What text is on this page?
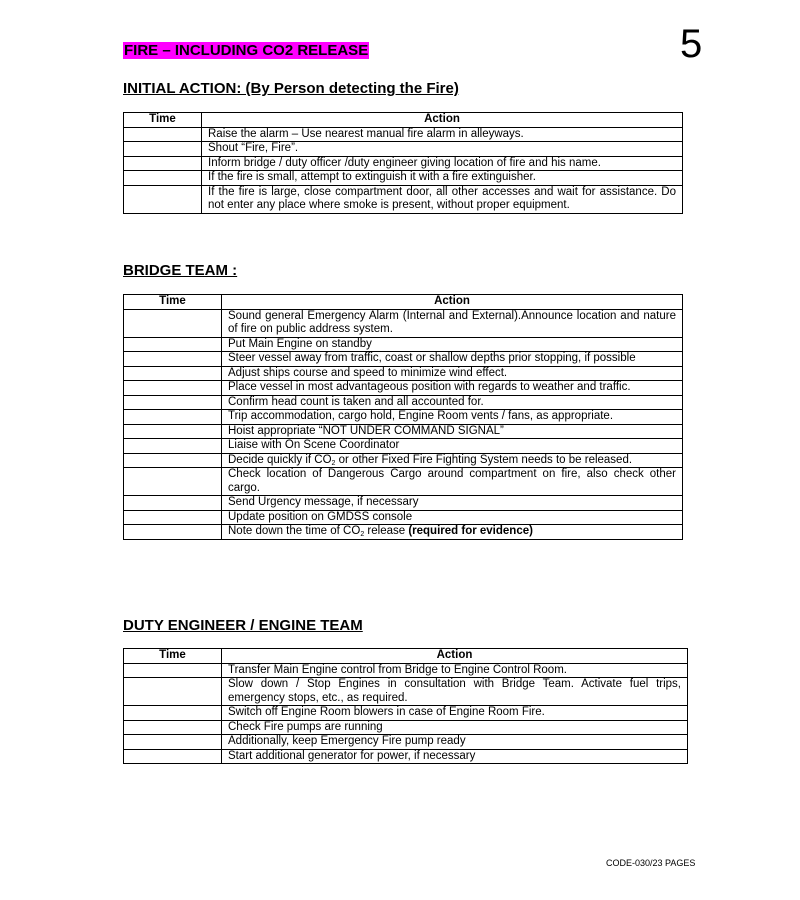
5
FIRE – INCLUDING CO2 RELEASE
INITIAL ACTION: (By Person detecting the Fire)
Time	Action
	Raise the alarm – Use nearest manual fire alarm in alleyways.
	Shout “Fire, Fire”.
	Inform bridge / duty officer /duty engineer giving location of fire and his name.
	If the fire is small, attempt to extinguish it with a fire extinguisher.
	If the fire is large, close compartment door, all other accesses and wait for assistance. Do not enter any place where smoke is present, without proper equipment.
BRIDGE TEAM :
Time	Action
	Sound general Emergency Alarm (Internal and External).Announce location and nature of fire on public address system.
	Put Main Engine on standby
	Steer vessel away from traffic, coast or shallow depths prior stopping, if possible
	Adjust ships course and speed to minimize wind effect.
	Place vessel in most advantageous position with regards to weather and traffic.
	Confirm head count is taken and all accounted for.
	Trip accommodation, cargo hold, Engine Room vents / fans, as appropriate.
	Hoist appropriate “NOT UNDER COMMAND SIGNAL”
	Liaise with On Scene Coordinator
	Decide quickly if $CO_2$ or other Fixed Fire Fighting System needs to be released.
	Check location of Dangerous Cargo around compartment on fire, also check other cargo.
	Send Urgency message, if necessary
	Update position on GMDSS console
	Note down the time of $CO_2$ release (required for evidence)
DUTY ENGINEER / ENGINE TEAM
Time	Action
	Transfer Main Engine control from Bridge to Engine Control Room.
	Slow down / Stop Engines in consultation with Bridge Team. Activate fuel trips, emergency stops, etc., as required.
	Switch off Engine Room blowers in case of Engine Room Fire.
	Check Fire pumps are running
	Additionally, keep Emergency Fire pump ready
	Start additional generator for power, if necessary
CODE-030/23 PAGES
